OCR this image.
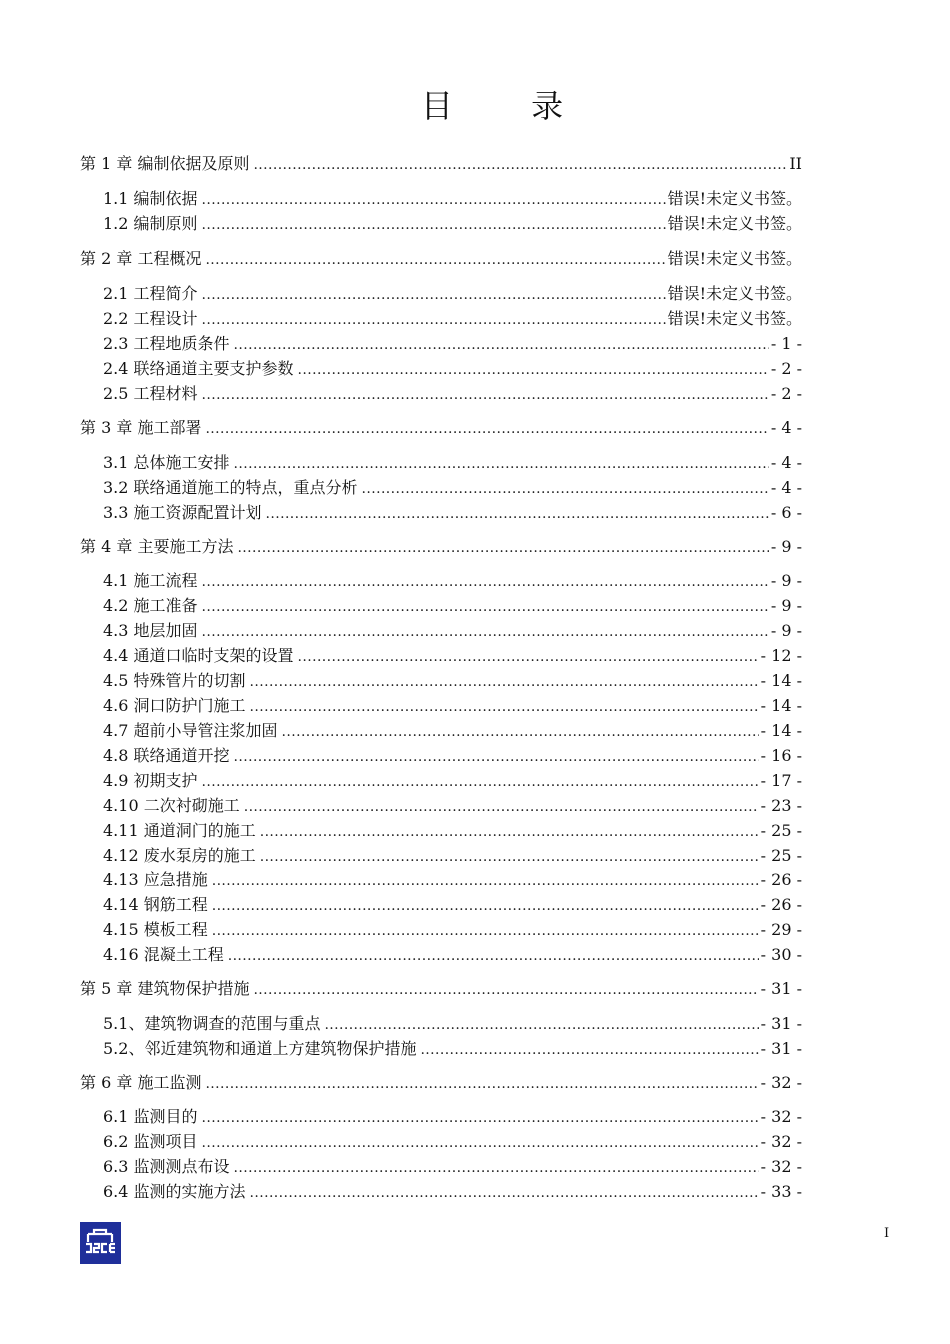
目 录
第 1 章 编制依据及原则 .....	II
1.1 编制依据 .....	错误!未定义书签。
1.2 编制原则 .....	错误!未定义书签。
第 2 章 工程概况 .....	错误!未定义书签。
2.1 工程简介 .....	错误!未定义书签。
2.2 工程设计 .....	错误!未定义书签。
2.3 工程地质条件 .....	- 1 -
2.4 联络通道主要支护参数 .....	- 2 -
2.5 工程材料 .....	- 2 -
第 3 章 施工部署 .....	- 4 -
3.1 总体施工安排 .....	- 4 -
3.2 联络通道施工的特点，重点分析 .....	- 4 -
3.3 施工资源配置计划 .....	- 6 -
第 4 章 主要施工方法 .....	- 9 -
4.1 施工流程 .....	- 9 -
4.2 施工准备 .....	- 9 -
4.3 地层加固 .....	- 9 -
4.4 通道口临时支架的设置 .....	- 12 -
4.5 特殊管片的切割 .....	- 14 -
4.6 洞口防护门施工 .....	- 14 -
4.7 超前小导管注浆加固 .....	- 14 -
4.8 联络通道开挖 .....	- 16 -
4.9 初期支护 .....	- 17 -
4.10 二次衬砌施工 .....	- 23 -
4.11 通道洞门的施工 .....	- 25 -
4.12 废水泵房的施工 .....	- 25 -
4.13 应急措施 .....	- 26 -
4.14 钢筋工程 .....	- 26 -
4.15 模板工程 .....	- 29 -
4.16 混凝土工程 .....	- 30 -
第 5 章 建筑物保护措施 .....	- 31 -
5.1、建筑物调查的范围与重点 .....	- 31 -
5.2、邻近建筑物和通道上方建筑物保护措施 .....	- 31 -
第 6 章 施工监测 .....	- 32 -
6.1 监测目的 .....	- 32 -
6.2 监测项目 .....	- 32 -
6.3 监测测点布设 .....	- 32 -
6.4 监测的实施方法 .....	- 33 -
I
